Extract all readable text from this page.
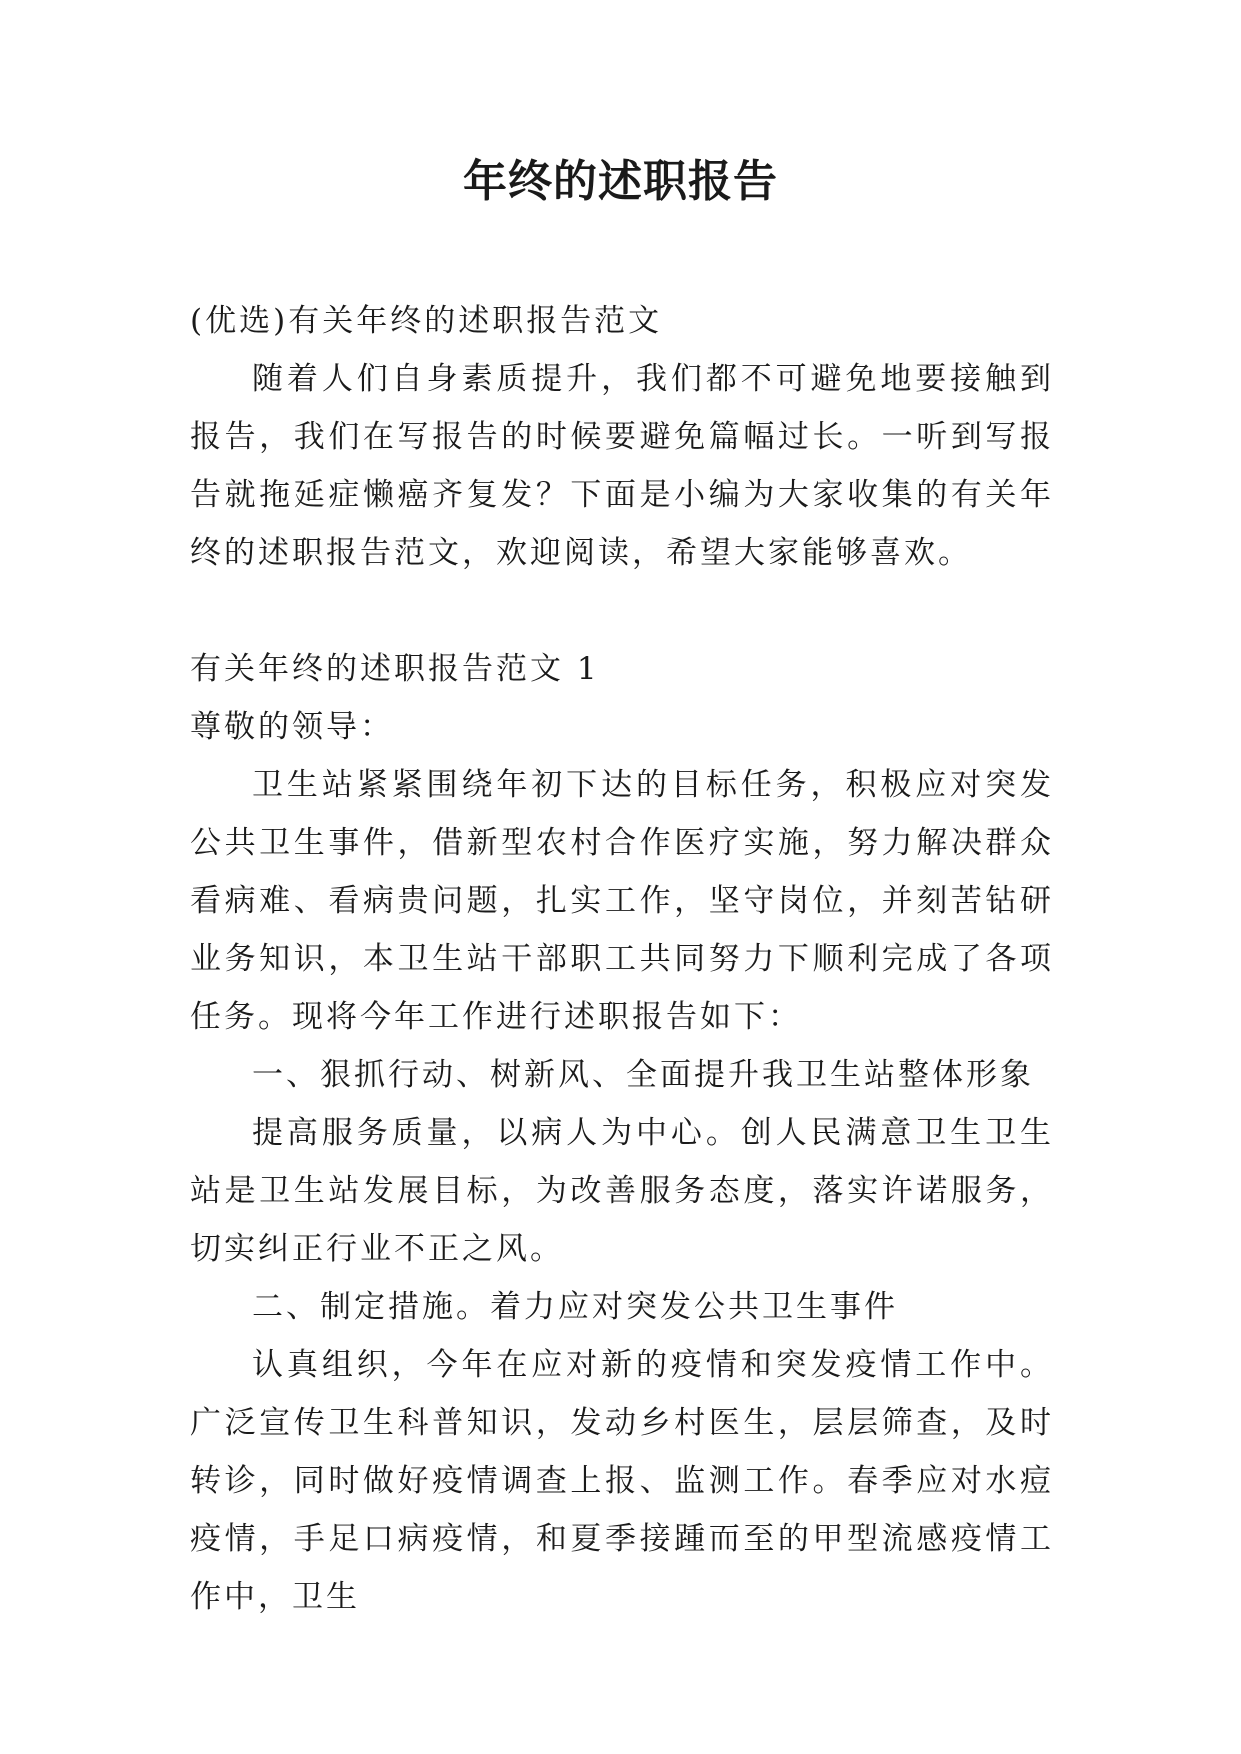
年终的述职报告

(优选)有关年终的述职报告范文

随着人们自身素质提升，我们都不可避免地要接触到报告，我们在写报告的时候要避免篇幅过长。一听到写报告就拖延症懒癌齐复发？下面是小编为大家收集的有关年终的述职报告范文，欢迎阅读，希望大家能够喜欢。

有关年终的述职报告范文 1

尊敬的领导：

卫生站紧紧围绕年初下达的目标任务，积极应对突发公共卫生事件，借新型农村合作医疗实施，努力解决群众看病难、看病贵问题，扎实工作，坚守岗位，并刻苦钻研业务知识，本卫生站干部职工共同努力下顺利完成了各项任务。现将今年工作进行述职报告如下：

一、狠抓行动、树新风、全面提升我卫生站整体形象

提高服务质量，以病人为中心。创人民满意卫生卫生站是卫生站发展目标，为改善服务态度，落实许诺服务，切实纠正行业不正之风。

二、制定措施。着力应对突发公共卫生事件

认真组织，今年在应对新的疫情和突发疫情工作中。广泛宣传卫生科普知识，发动乡村医生，层层筛查，及时转诊，同时做好疫情调查上报、监测工作。春季应对水痘疫情，手足口病疫情，和夏季接踵而至的甲型流感疫情工作中，卫生
